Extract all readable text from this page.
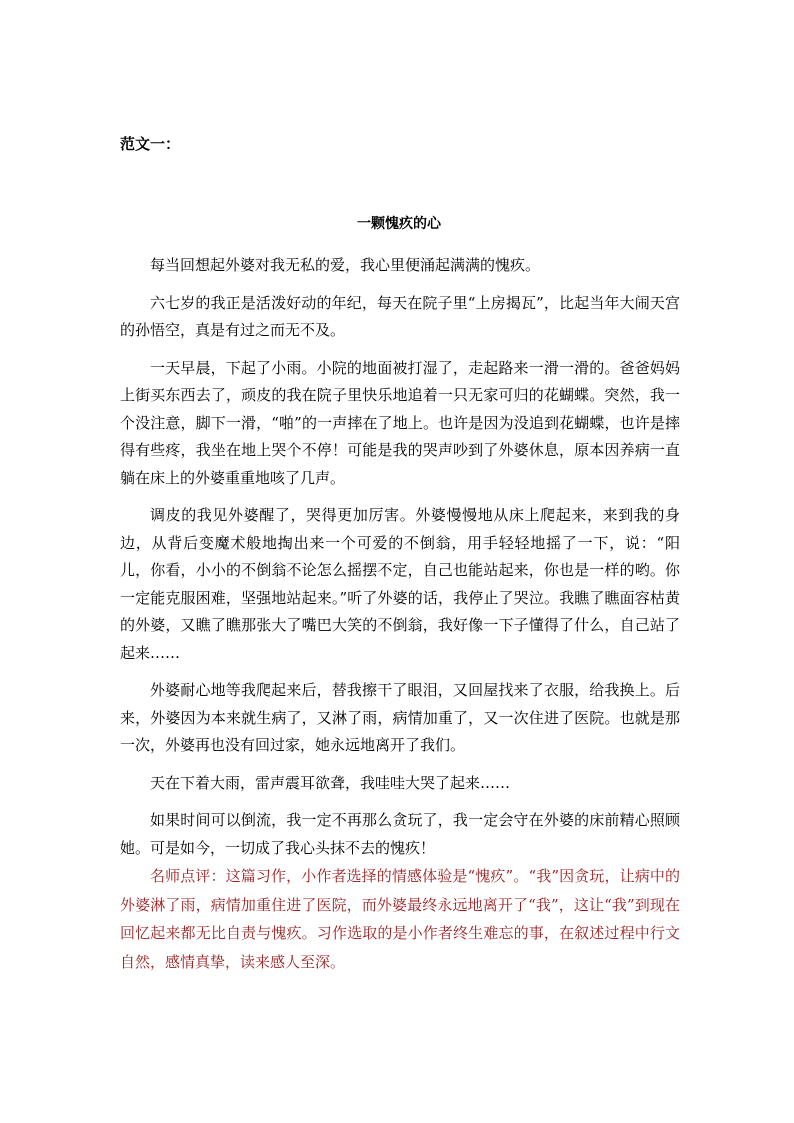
范文一：
一颗愧疚的心

每当回想起外婆对我无私的爱，我心里便涌起满满的愧疚。

六七岁的我正是活泼好动的年纪，每天在院子里“上房揭瓦”，比起当年大闹天宫的孙悟空，真是有过之而无不及。

一天早晨，下起了小雨。小院的地面被打湿了，走起路来一滑一滑的。爸爸妈妈上街买东西去了，顽皮的我在院子里快乐地追着一只无家可归的花蝴蝶。突然，我一个没注意，脚下一滑，“啪”的一声摔在了地上。也许是因为没追到花蝴蝶，也许是摔得有些疼，我坐在地上哭个不停！可能是我的哭声吵到了外婆休息，原本因养病一直躺在床上的外婆重重地咳了几声。

调皮的我见外婆醒了，哭得更加厉害。外婆慢慢地从床上爬起来，来到我的身边，从背后变魔术般地掏出来一个可爱的不倒翁，用手轻轻地摇了一下，说：“阳儿，你看，小小的不倒翁不论怎么摇摆不定，自己也能站起来，你也是一样的哟。你一定能克服困难，坚强地站起来。”听了外婆的话，我停止了哭泣。我瞧了瞧面容枯黄的外婆，又瞧了瞧那张大了嘴巴大笑的不倒翁，我好像一下子懂得了什么，自己站了起来……

外婆耐心地等我爬起来后，替我擦干了眼泪，又回屋找来了衣服，给我换上。后来，外婆因为本来就生病了，又淋了雨，病情加重了，又一次住进了医院。也就是那一次，外婆再也没有回过家，她永远地离开了我们。

天在下着大雨，雷声震耳欲聋，我哇哇大哭了起来……

如果时间可以倒流，我一定不再那么贪玩了，我一定会守在外婆的床前精心照顾她。可是如今，一切成了我心头抹不去的愧疚！

名师点评：这篇习作，小作者选择的情感体验是“愧疚”。“我”因贪玩，让病中的外婆淋了雨，病情加重住进了医院，而外婆最终永远地离开了“我”，这让“我”到现在回忆起来都无比自责与愧疚。习作选取的是小作者终生难忘的事，在叙述过程中行文自然，感情真挚，读来感人至深。
